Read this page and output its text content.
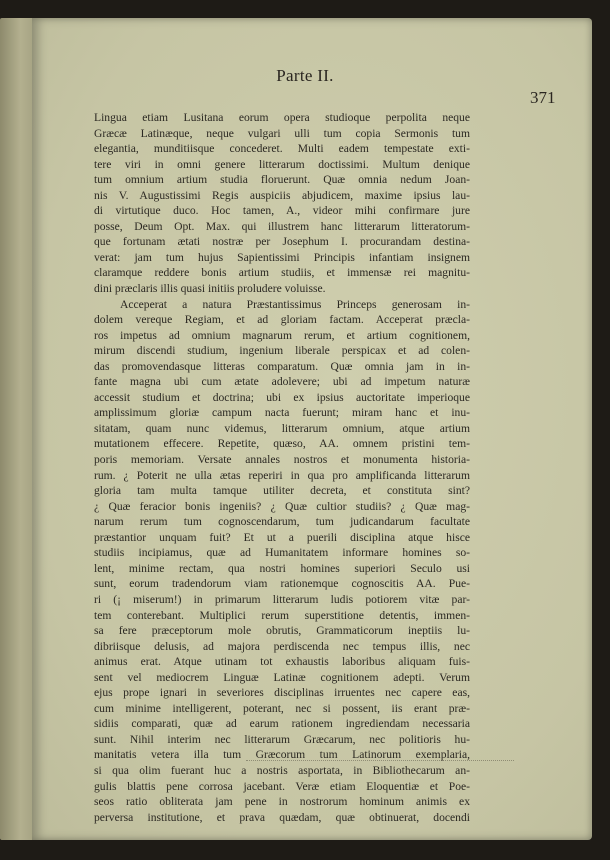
Parte II.
371
Lingua etiam Lusitana eorum opera studioque perpolita neque
Græcæ Latinæque, neque vulgari ulli tum copia Sermonis tum
elegantia, munditiisque concederet. Multi eadem tempestate exti-
tere viri in omni genere litterarum doctissimi. Multum denique
tum omnium artium studia floruerunt. Quæ omnia nedum Joan-
nis V. Augustissimi Regis auspiciis abjudicem, maxime ipsius lau-
di virtutique duco. Hoc tamen, A., videor mihi confirmare jure
posse, Deum Opt. Max. qui illustrem hanc litterarum litteratorum-
que fortunam ætati nostræ per Josephum I. procurandam destina-
verat: jam tum hujus Sapientissimi Principis infantiam insignem
claramque reddere bonis artium studiis, et immensæ rei magnitu-
dini præclaris illis quasi initiis proludere voluisse.
Acceperat a natura Præstantissimus Princeps generosam in-
dolem vereque Regiam, et ad gloriam factam. Acceperat præcla-
ros impetus ad omnium magnarum rerum, et artium cognitionem,
mirum discendi studium, ingenium liberale perspicax et ad colen-
das promovendasque litteras comparatum. Quæ omnia jam in in-
fante magna ubi cum ætate adolevere; ubi ad impetum naturæ
accessit studium et doctrina; ubi ex ipsius auctoritate imperioque
amplissimum gloriæ campum nacta fuerunt; miram hanc et inu-
sitatam, quam nunc videmus, litterarum omnium, atque artium
mutationem effecere. Repetite, quæso, AA. omnem pristini tem-
poris memoriam. Versate annales nostros et monumenta historia-
rum. ¿ Poterit ne ulla ætas reperiri in qua pro amplificanda litterarum
gloria tam multa tamque utiliter decreta, et constituta sint?
¿ Quæ feracior bonis ingeniis? ¿ Quæ cultior studiis? ¿ Quæ mag-
narum rerum tum cognoscendarum, tum judicandarum facultate
præstantior unquam fuit? Et ut a puerili disciplina atque hisce
studiis incipiamus, quæ ad Humanitatem informare homines so-
lent, minime rectam, qua nostri homines superiori Seculo usi
sunt, eorum tradendorum viam rationemque cognoscitis AA. Pue-
ri (¡ miserum!) in primarum litterarum ludis potiorem vitæ par-
tem conterebant. Multiplici rerum superstitione detentis, immen-
sa fere præceptorum mole obrutis, Grammaticorum ineptiis lu-
dibriisque delusis, ad majora perdiscenda nec tempus illis, nec
animus erat. Atque utinam tot exhaustis laboribus aliquam fuis-
sent vel mediocrem Linguæ Latinæ cognitionem adepti. Verum
ejus prope ignari in severiores disciplinas irruentes nec capere eas,
cum minime intelligerent, poterant, nec si possent, iis erant præ-
sidiis comparati, quæ ad earum rationem ingrediendam necessaria
sunt. Nihil interim nec litterarum Græcarum, nec politioris hu-
manitatis vetera illa tum Græcorum tum Latinorum exemplaria,
si qua olim fuerant huc a nostris asportata, in Bibliothecarum an-
gulis blattis pene corrosa jacebant. Veræ etiam Eloquentiæ et Poe-
seos ratio obliterata jam pene in nostrorum hominum animis ex
perversa institutione, et prava quædam, quæ obtinuerat, docendi
